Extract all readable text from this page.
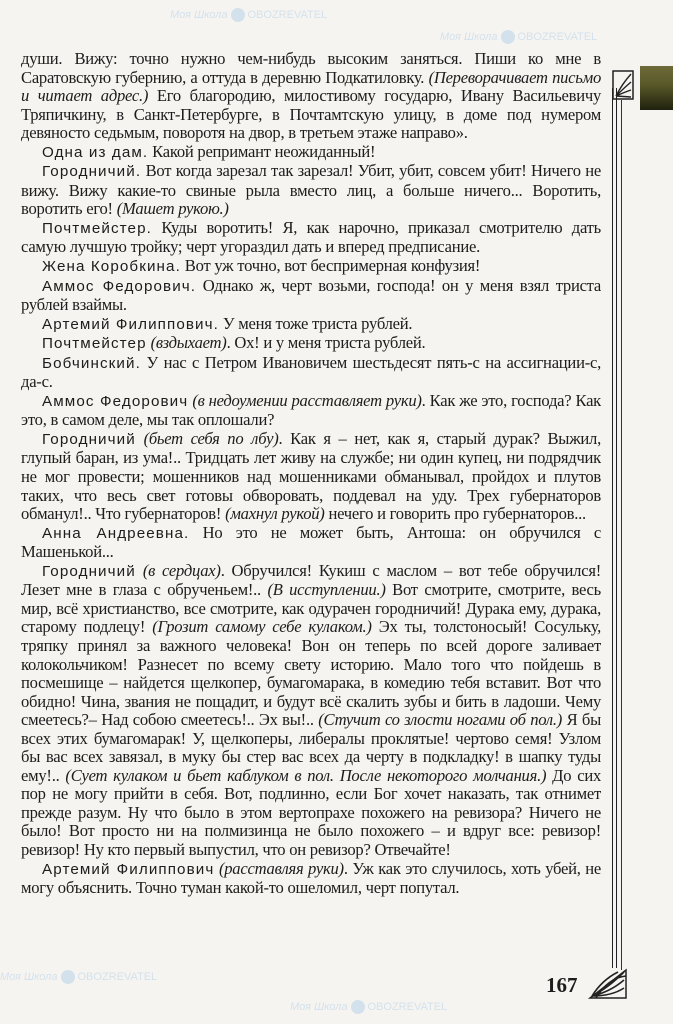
Моя Школа OBOZREVATEL
Моя Школа OBOZREVATEL
Моя Школа OBOZREVATEL
Моя Школа OBOZREVATEL

души. Вижу: точно нужно чем-нибудь высоким заняться. Пиши ко мне в Саратовскую губернию, а оттуда в деревню Подкатиловку. (Переворачивает письмо и читает адрес.) Его благородию, милостивому государю, Ивану Васильевичу Тряпичкину, в Санкт-Петербурге, в Почтамтскую улицу, в доме под нумером девяносто седьмым, поворотя на двор, в третьем этаже направо».

Одна из дам. Какой репримант неожиданный!

Городничий. Вот когда зарезал так зарезал! Убит, убит, совсем убит! Ничего не вижу. Вижу какие-то свиные рыла вместо лиц, а больше ничего... Воротить, воротить его! (Машет рукою.)

Почтмейстер. Куды воротить! Я, как нарочно, приказал смотрителю дать самую лучшую тройку; черт угораздил дать и вперед предписание.

Жена Коробкина. Вот уж точно, вот беспримерная конфузия!

Аммос Федорович. Однако ж, черт возьми, господа! он у меня взял триста рублей взаймы.

Артемий Филиппович. У меня тоже триста рублей.

Почтмейстер (вздыхает). Ох! и у меня триста рублей.

Бобчинский. У нас с Петром Ивановичем шестьдесят пять-с на ассигнации-с, да-с.

Аммос Федорович (в недоумении расставляет руки). Как же это, господа? Как это, в самом деле, мы так оплошали?

Городничий (бьет себя по лбу). Как я – нет, как я, старый дурак? Выжил, глупый баран, из ума!.. Тридцать лет живу на службе; ни один купец, ни подрядчик не мог провести; мошенников над мошенниками обманывал, пройдох и плутов таких, что весь свет готовы обворовать, поддевал на уду. Трех губернаторов обманул!.. Что губернаторов! (махнул рукой) нечего и говорить про губернаторов...

Анна Андреевна. Но это не может быть, Антоша: он обручился с Машенькой...

Городничий (в сердцах). Обручился! Кукиш с маслом – вот тебе обручился! Лезет мне в глаза с обрученьем!.. (В исступлении.) Вот смотрите, смотрите, весь мир, всё христианство, все смотрите, как одурачен городничий! Дурака ему, дурака, старому подлецу! (Грозит самому себе кулаком.) Эх ты, толстоносый! Сосульку, тряпку принял за важного человека! Вон он теперь по всей дороге заливает колокольчиком! Разнесет по всему свету историю. Мало того что пойдешь в посмешище – найдется щелкопер, бумагомарака, в комедию тебя вставит. Вот что обидно! Чина, звания не пощадит, и будут всё скалить зубы и бить в ладоши. Чему смеетесь?– Над собою смеетесь!.. Эх вы!.. (Стучит со злости ногами об пол.) Я бы всех этих бумагомарак! У, щелкоперы, либералы проклятые! чертово семя! Узлом бы вас всех завязал, в муку бы стер вас всех да черту в подкладку! в шапку туды ему!.. (Сует кулаком и бьет каблуком в пол. После некоторого молчания.) До сих пор не могу прийти в себя. Вот, подлинно, если Бог хочет наказать, так отнимет прежде разум. Ну что было в этом вертопрахе похожего на ревизора? Ничего не было! Вот просто ни на полмизинца не было похожего – и вдруг все: ревизор! ревизор! Ну кто первый выпустил, что он ревизор? Отвечайте!

Артемий Филиппович (расставляя руки). Уж как это случилось, хоть убей, не могу объяснить. Точно туман какой-то ошеломил, черт попутал.

167
